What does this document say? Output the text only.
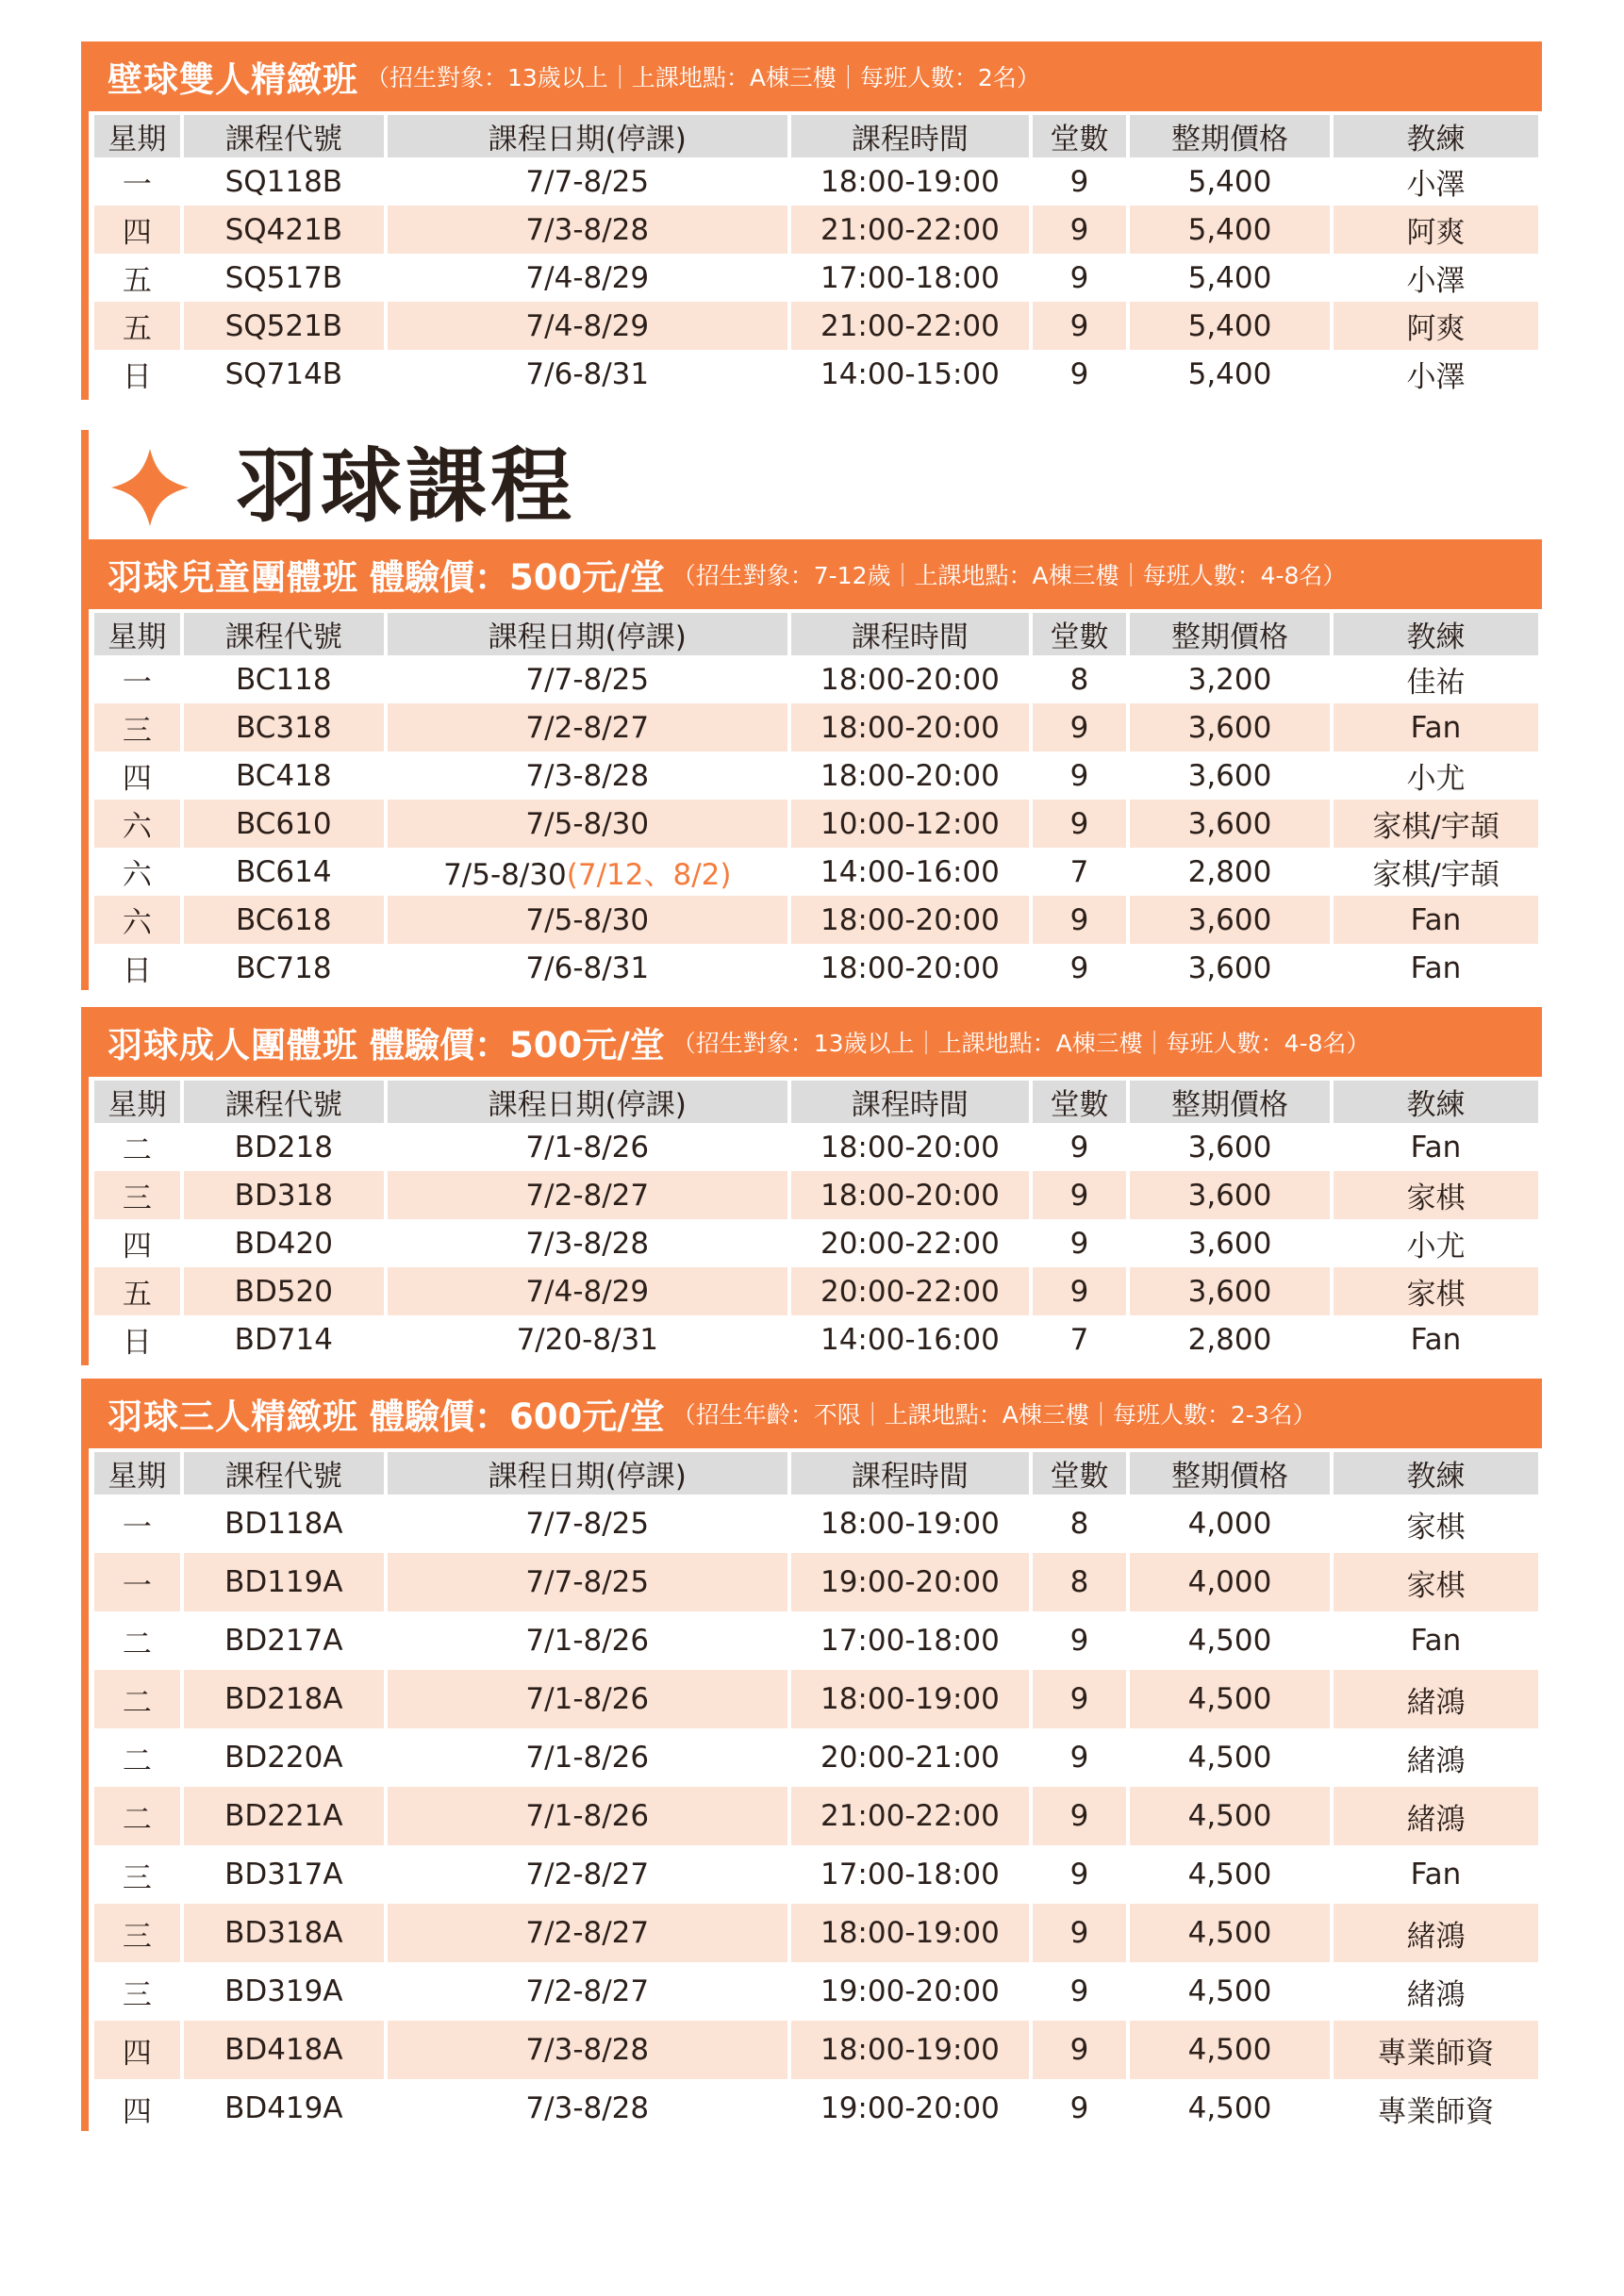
壁球雙人精緻班 （招生對象：13歲以上｜上課地點：A棟三樓｜每班人數：2名）
星期	課程代號	課程日期(停課)	課程時間	堂數	整期價格	教練
一	SQ118B	7/7-8/25	18:00-19:00	9	5,400	小澤
四	SQ421B	7/3-8/28	21:00-22:00	9	5,400	阿爽
五	SQ517B	7/4-8/29	17:00-18:00	9	5,400	小澤
五	SQ521B	7/4-8/29	21:00-22:00	9	5,400	阿爽
日	SQ714B	7/6-8/31	14:00-15:00	9	5,400	小澤
羽球課程
羽球兒童團體班 體驗價：500元/堂 （招生對象：7-12歲｜上課地點：A棟三樓｜每班人數：4-8名）
星期	課程代號	課程日期(停課)	課程時間	堂數	整期價格	教練
一	BC118	7/7-8/25	18:00-20:00	8	3,200	佳祐
三	BC318	7/2-8/27	18:00-20:00	9	3,600	Fan
四	BC418	7/3-8/28	18:00-20:00	9	3,600	小尤
六	BC610	7/5-8/30	10:00-12:00	9	3,600	家棋/宇頡
六	BC614	7/5-8/30(7/12、8/2)	14:00-16:00	7	2,800	家棋/宇頡
六	BC618	7/5-8/30	18:00-20:00	9	3,600	Fan
日	BC718	7/6-8/31	18:00-20:00	9	3,600	Fan
羽球成人團體班 體驗價：500元/堂 （招生對象：13歲以上｜上課地點：A棟三樓｜每班人數：4-8名）
星期	課程代號	課程日期(停課)	課程時間	堂數	整期價格	教練
二	BD218	7/1-8/26	18:00-20:00	9	3,600	Fan
三	BD318	7/2-8/27	18:00-20:00	9	3,600	家棋
四	BD420	7/3-8/28	20:00-22:00	9	3,600	小尤
五	BD520	7/4-8/29	20:00-22:00	9	3,600	家棋
日	BD714	7/20-8/31	14:00-16:00	7	2,800	Fan
羽球三人精緻班 體驗價：600元/堂 （招生年齡：不限｜上課地點：A棟三樓｜每班人數：2-3名）
星期	課程代號	課程日期(停課)	課程時間	堂數	整期價格	教練
一	BD118A	7/7-8/25	18:00-19:00	8	4,000	家棋
一	BD119A	7/7-8/25	19:00-20:00	8	4,000	家棋
二	BD217A	7/1-8/26	17:00-18:00	9	4,500	Fan
二	BD218A	7/1-8/26	18:00-19:00	9	4,500	緒鴻
二	BD220A	7/1-8/26	20:00-21:00	9	4,500	緒鴻
二	BD221A	7/1-8/26	21:00-22:00	9	4,500	緒鴻
三	BD317A	7/2-8/27	17:00-18:00	9	4,500	Fan
三	BD318A	7/2-8/27	18:00-19:00	9	4,500	緒鴻
三	BD319A	7/2-8/27	19:00-20:00	9	4,500	緒鴻
四	BD418A	7/3-8/28	18:00-19:00	9	4,500	專業師資
四	BD419A	7/3-8/28	19:00-20:00	9	4,500	專業師資
